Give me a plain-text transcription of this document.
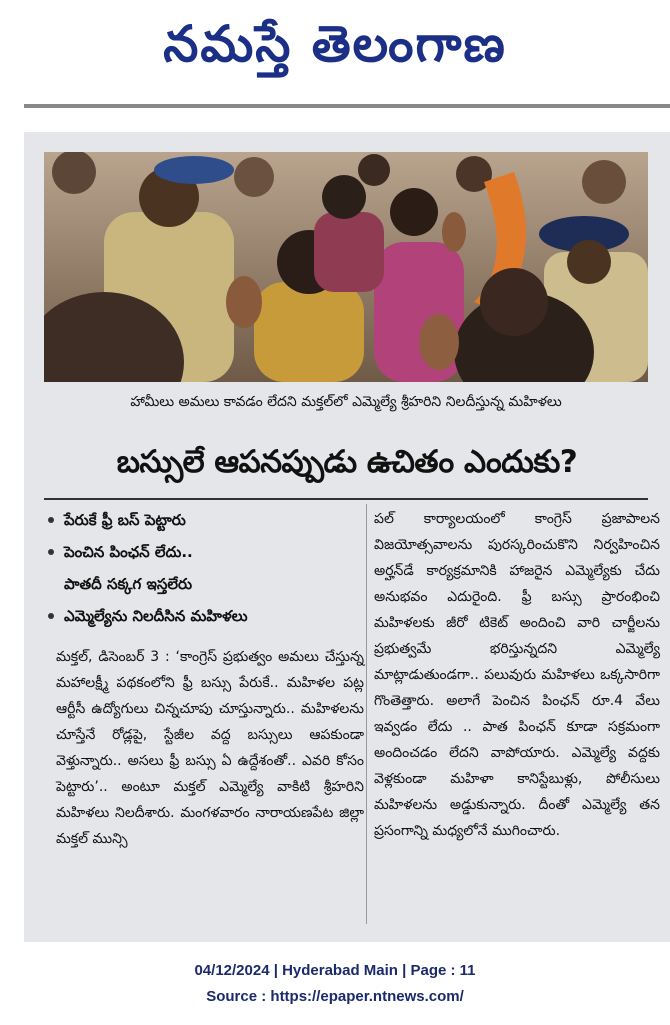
నమస్తే తెలంగాణ
హామీలు అమలు కావడం లేదని మక్తల్‌లో ఎమ్మెల్యే శ్రీహరిని నిలదీస్తున్న మహిళలు
బస్సులే ఆపనప్పుడు ఉచితం ఎందుకు?
పేరుకే ఫ్రీ బస్‌ పెట్టారు
పెంచిన పింఛన్‌ లేదు..
పాతదీ సక్కగ ఇస్తలేరు
ఎమ్మెల్యేను నిలదీసిన మహిళలు

మక్తల్‌, డిసెంబర్‌ 3 : ‘కాంగ్రెస్‌ ప్రభుత్వం అమలు చేస్తున్న మహాలక్ష్మీ పథకంలోని ఫ్రీ బస్సు పేరుకే.. మహిళల పట్ల ఆర్టీసీ ఉద్యోగులు చిన్నచూపు చూస్తున్నారు.. మహిళలను చూస్తేనే రోడ్లపై, స్టేజీల వద్ద బస్సులు ఆపకుండా వెళ్తున్నారు.. అసలు ఫ్రీ బస్సు ఏ ఉద్దేశంతో.. ఎవరి కోసం పెట్టారు’.. అంటూ మక్తల్‌ ఎమ్మెల్యే వాకిటి శ్రీహరిని మహిళలు నిలదీశారు. మంగళవారం నారాయణపేట జిల్లా మక్తల్‌ మున్సి

పల్‌ కార్యాలయంలో కాంగ్రెస్‌ ప్రజాపాలన విజయోత్సవాలను పురస్కరించుకొని నిర్వహించిన అర్హన్‌డే కార్యక్రమానికి హాజరైన ఎమ్మెల్యేకు చేదు అనుభవం ఎదురైంది. ఫ్రీ బస్సు ప్రారంభించి మహిళలకు జీరో టికెట్‌ అందించి వారి చార్జీలను ప్రభుత్వమే భరిస్తున్నదని ఎమ్మెల్యే మాట్లాడుతుండగా.. పలువురు మహిళలు ఒక్కసారిగా గొంతెత్తారు. అలాగే పెంచిన పింఛన్‌ రూ.4 వేలు ఇవ్వడం లేదు .. పాత పింఛన్‌ కూడా సక్రమంగా అందించడం లేదని వాపోయారు. ఎమ్మెల్యే వద్దకు వెళ్లకుండా మహిళా కానిస్టేబుళ్లు, పోలీసులు మహిళలను అడ్డుకున్నారు. దీంతో ఎమ్మెల్యే తన ప్రసంగాన్ని మధ్యలోనే ముగించారు.

04/12/2024 | Hyderabad Main | Page : 11
Source : https://epaper.ntnews.com/
